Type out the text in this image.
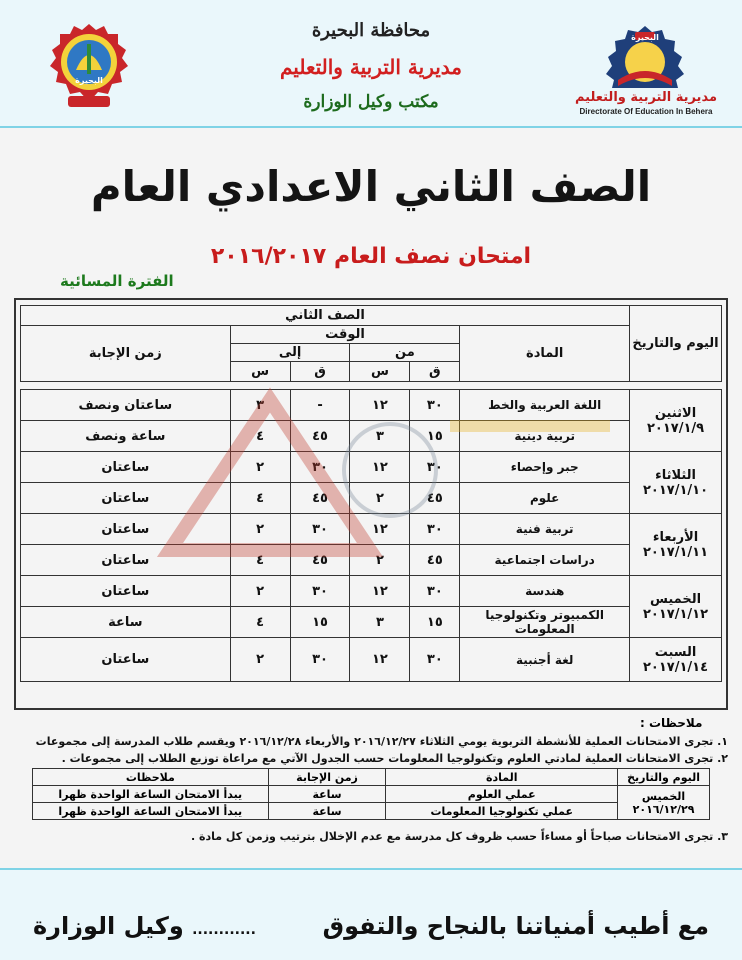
البحيرة
مديرية التربية والتعليم
Directorate Of Education In Behera
البحيرة
محافظة البحيرة
مديرية التربية والتعليم
مكتب وكيل الوزارة
الصف الثاني الاعدادي العام
امتحان نصف العام ٢٠١٦/٢٠١٧
الفترة المسائية
اليوم والتاريخ	الصف الثاني					
	المادة	الوقت				زمن الإجابة
		من		إلى		
		ق	س	ق	س	

الاثنين
٢٠١٧/١/٩	اللغة العربية والخط	٣٠	١٢	-	٣	ساعتان ونصف
	تربية دينية	١٥	٣	٤٥	٤	ساعة ونصف

الثلاثاء
٢٠١٧/١/١٠	جبر وإحصاء	٣٠	١٢	٣٠	٢	ساعتان
	علوم	٤٥	٢	٤٥	٤	ساعتان

الأربعاء
٢٠١٧/١/١١	تربية فنية	٣٠	١٢	٣٠	٢	ساعتان
	دراسات اجتماعية	٤٥	٢	٤٥	٤	ساعتان

الخميس
٢٠١٧/١/١٢	هندسة	٣٠	١٢	٣٠	٢	ساعتان
	الكمبيوتر وتكنولوجيا المعلومات	١٥	٣	١٥	٤	ساعة

السبت
٢٠١٧/١/١٤	لغة أجنبية	٣٠	١٢	٣٠	٢	ساعتان
ملاحظات :
١. تجرى الامتحانات العملية للأنشطة التربوية يومي الثلاثاء ٢٠١٦/١٢/٢٧ والأربعاء ٢٠١٦/١٢/٢٨ ويقسم طلاب المدرسة إلى مجموعات
٢. تجرى الامتحانات العملية لمادتي العلوم وتكنولوجيا المعلومات حسب الجدول الآتي مع مراعاة توزيع الطلاب إلى مجموعات .
اليوم والتاريخ	المادة	زمن الإجابة	ملاحظات

الخميس
٢٠١٦/١٢/٢٩	عملي العلوم	ساعة	يبدأ الامتحان الساعة الواحدة ظهرا
	عملي تكنولوجيا المعلومات	ساعة	يبدأ الامتحان الساعة الواحدة ظهرا
٣. تجرى الامتحانات صباحاً أو مساءاً حسب ظروف كل مدرسة مع عدم الإخلال بترتيب وزمن كل مادة .
مع أطيب أمنياتنا بالنجاح والتفوق  ............ وكيل الوزارة
